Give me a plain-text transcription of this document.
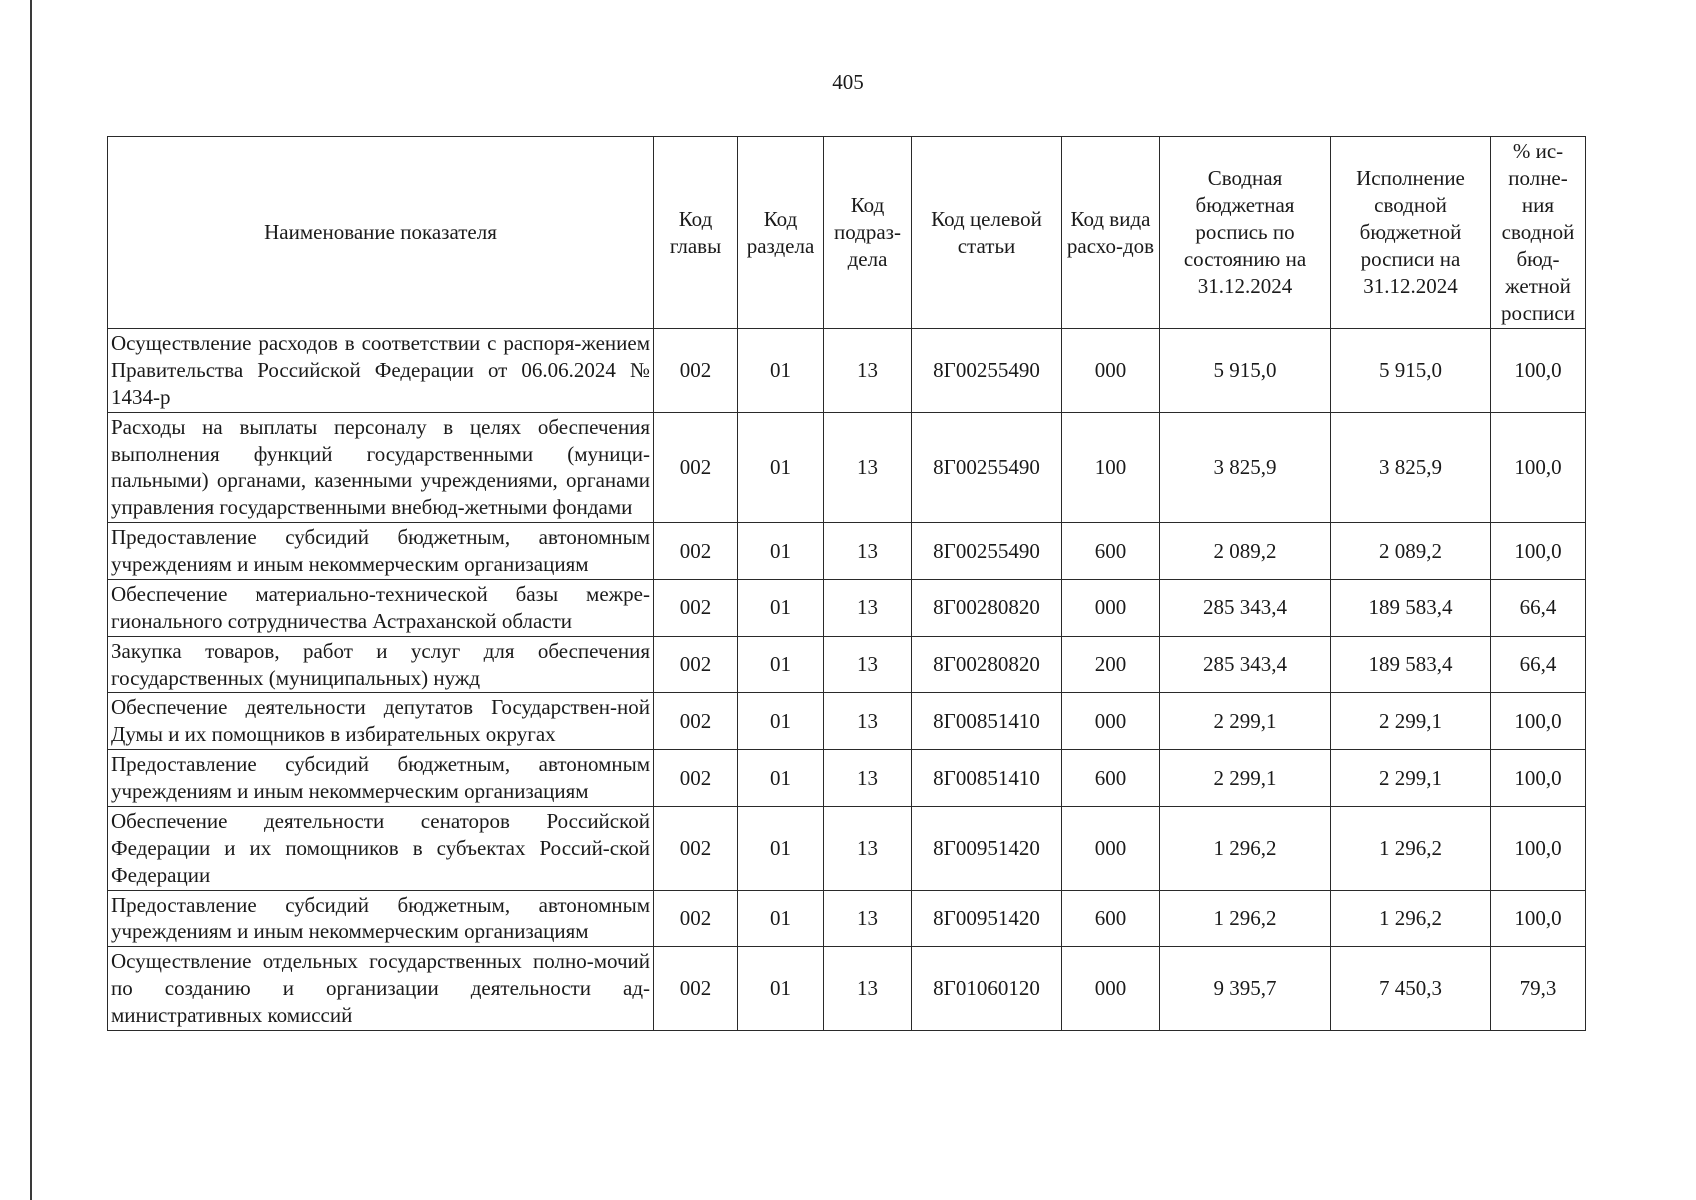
405
Наименование показателя	Код главы	Код раздела	Код подраз-дела	Код целевой статьи	Код вида расхо-дов	Сводная бюджетная роспись по состоянию на 31.12.2024	Исполнение сводной бюджетной росписи на 31.12.2024	% ис-полне-ния сводной бюд-жетной росписи
Осуществление расходов в соответствии с распоря-жением Правительства Российской Федерации от 06.06.2024 № 1434-р	002	01	13	8Г00255490	000	5 915,0	5 915,0	100,0
Расходы на выплаты персоналу в целях обеспечения выполнения функций государственными (муници-пальными) органами, казенными учреждениями, органами управления государственными внебюд-жетными фондами	002	01	13	8Г00255490	100	3 825,9	3 825,9	100,0
Предоставление субсидий бюджетным, автономным учреждениям и иным некоммерческим организациям	002	01	13	8Г00255490	600	2 089,2	2 089,2	100,0
Обеспечение материально-технической базы межре-гионального сотрудничества Астраханской области	002	01	13	8Г00280820	000	285 343,4	189 583,4	66,4
Закупка товаров, работ и услуг для обеспечения государственных (муниципальных) нужд	002	01	13	8Г00280820	200	285 343,4	189 583,4	66,4
Обеспечение деятельности депутатов Государствен-ной Думы и их помощников в избирательных округах	002	01	13	8Г00851410	000	2 299,1	2 299,1	100,0
Предоставление субсидий бюджетным, автономным учреждениям и иным некоммерческим организациям	002	01	13	8Г00851410	600	2 299,1	2 299,1	100,0
Обеспечение деятельности сенаторов Российской Федерации и их помощников в субъектах Россий-ской Федерации	002	01	13	8Г00951420	000	1 296,2	1 296,2	100,0
Предоставление субсидий бюджетным, автономным учреждениям и иным некоммерческим организациям	002	01	13	8Г00951420	600	1 296,2	1 296,2	100,0
Осуществление отдельных государственных полно-мочий по созданию и организации деятельности ад-министративных комиссий	002	01	13	8Г01060120	000	9 395,7	7 450,3	79,3
